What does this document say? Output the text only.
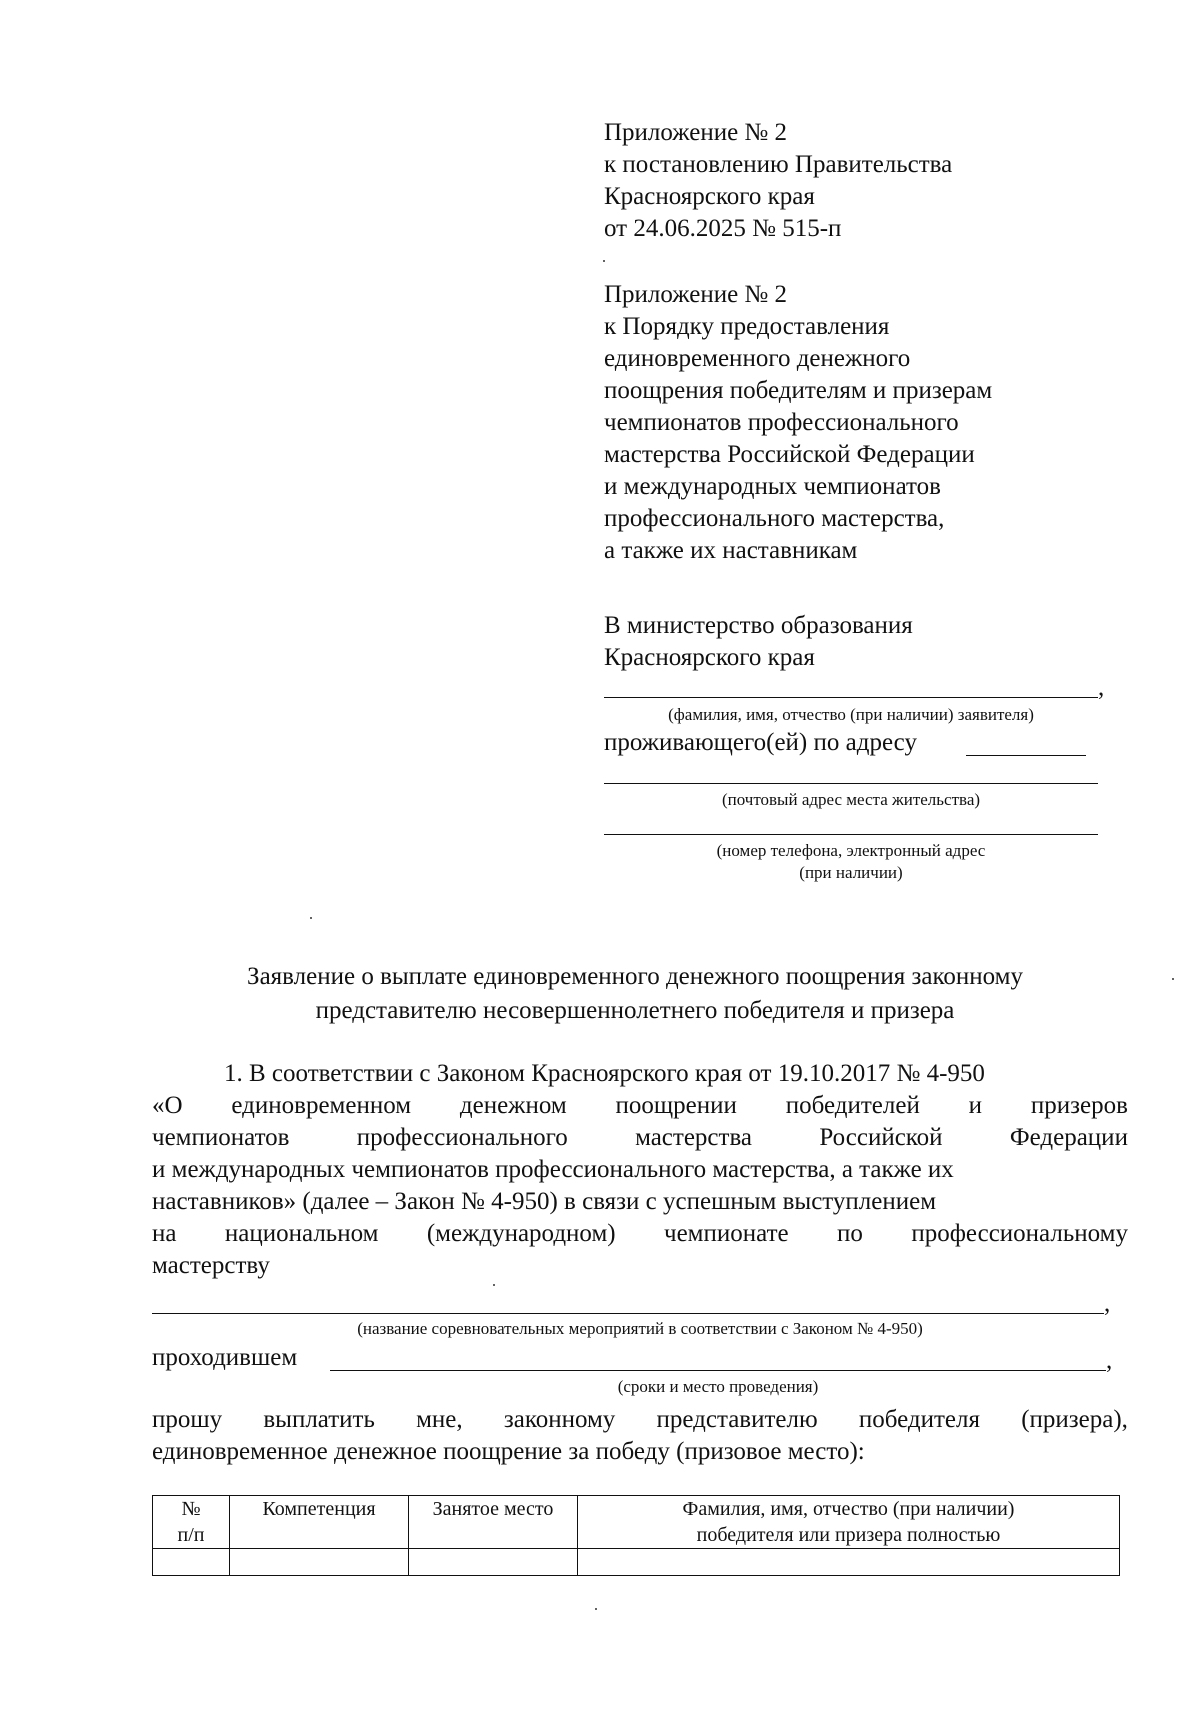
Приложение № 2
к постановлению Правительства
Красноярского края
от 24.06.2025 № 515-п
Приложение № 2
к Порядку предоставления
единовременного денежного
поощрения победителям и призерам
чемпионатов профессионального
мастерства Российской Федерации
и международных чемпионатов
профессионального мастерства,
а также их наставникам
В министерство образования
Красноярского края
,
(фамилия, имя, отчество (при наличии) заявителя)
проживающего(ей) по адресу
(почтовый адрес места жительства)
(номер телефона, электронный адрес
(при наличии)
Заявление о выплате единовременного денежного поощрения законному
представителю несовершеннолетнего победителя и призера
1. В соответствии с Законом Красноярского края от 19.10.2017 № 4-950
«О единовременном денежном поощрении победителей и призеров
чемпионатов	профессионального	мастерства	Российской	Федерации
и международных чемпионатов профессионального мастерства, а также их
наставников» (далее – Закон № 4-950) в связи с успешным выступлением
на национальном (международном) чемпионате по профессиональному
мастерству
,
(название соревновательных мероприятий в соответствии с Законом № 4-950)
проходившем	,
(сроки и место проведения)
прошу выплатить мне, законному представителю победителя (призера),
единовременное денежное поощрение за победу (призовое место):
№
п/п	Компетенция	Занятое место	Фамилия, имя, отчество (при наличии)
победителя или призера полностью
